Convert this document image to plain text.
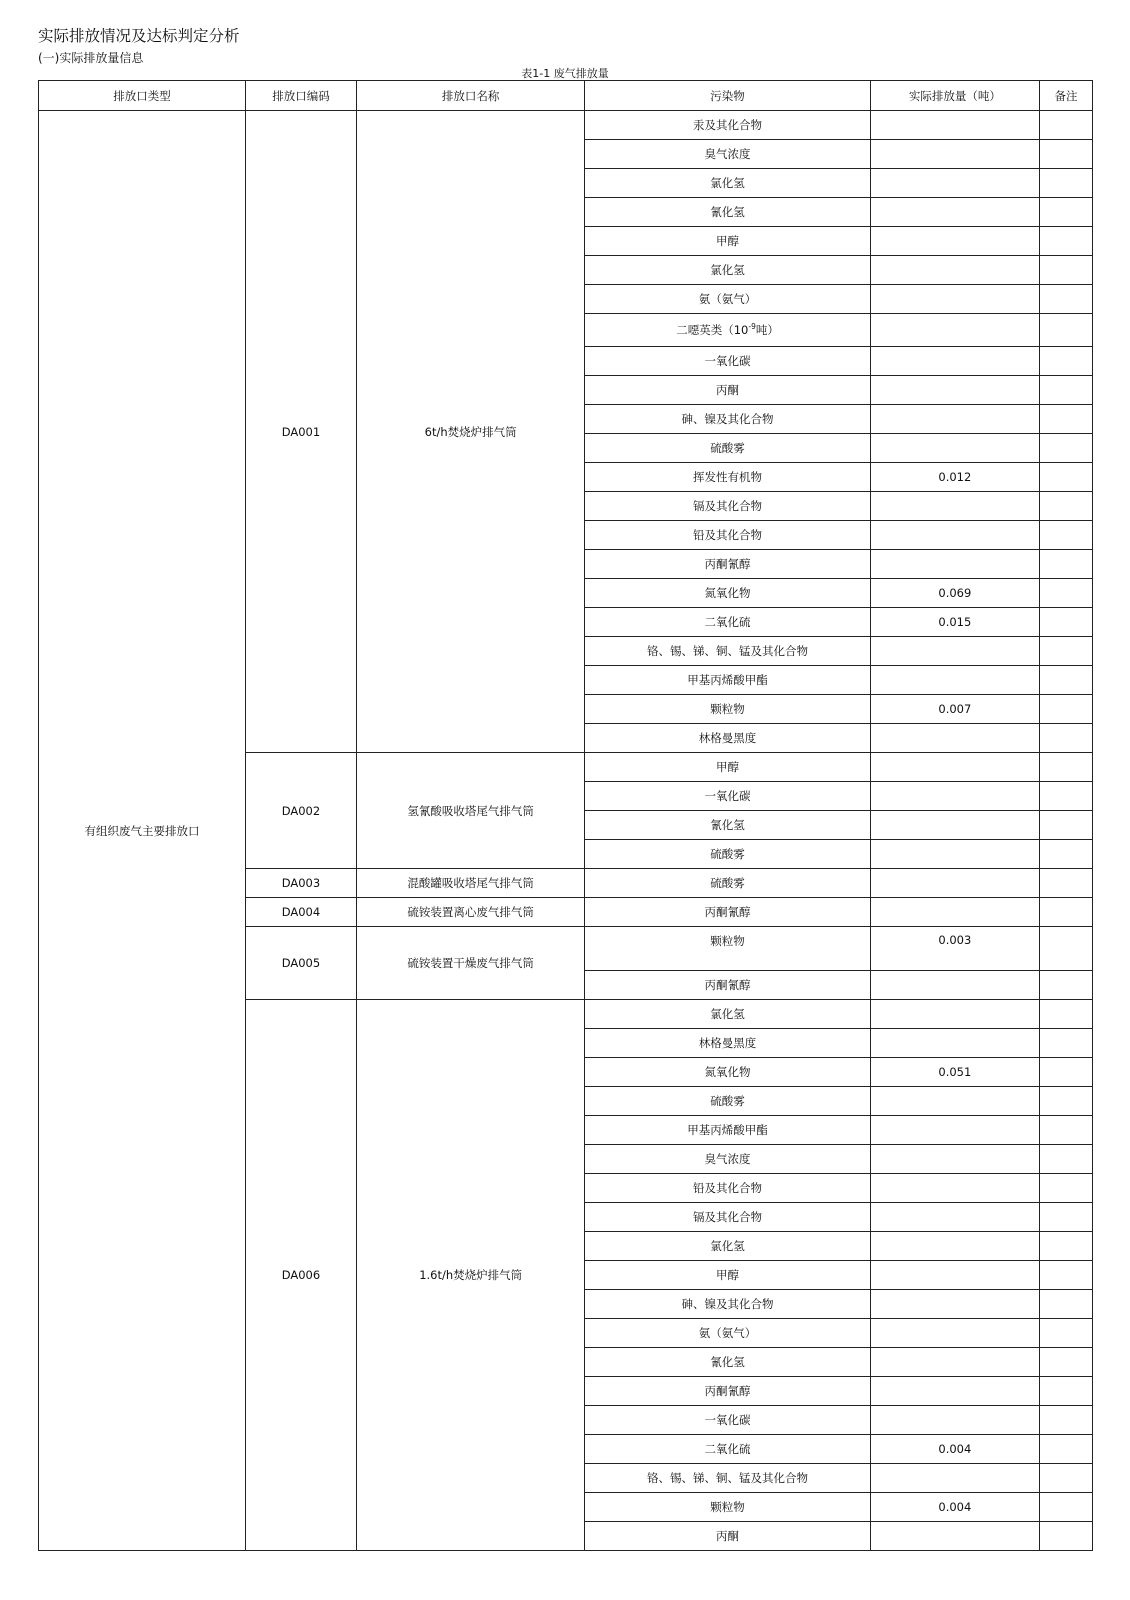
实际排放情况及达标判定分析
(一)实际排放量信息
表1-1 废气排放量
排放口类型	排放口编码	排放口名称	污染物	实际排放量（吨）	备注
有组织废气主要排放口	DA001	6t/h焚烧炉排气筒	汞及其化合物		
			臭气浓度		
			氯化氢		
			氰化氢		
			甲醇		
			氯化氢		
			氨（氨气）		
			二噁英类（$10^{-9}$吨）		
			一氧化碳		
			丙酮		
			砷、镍及其化合物		
			硫酸雾		
			挥发性有机物	0.012	
			镉及其化合物		
			铅及其化合物		
			丙酮氰醇		
			氮氧化物	0.069	
			二氧化硫	0.015	
			铬、锡、锑、铜、锰及其化合物		
			甲基丙烯酸甲酯		
			颗粒物	0.007	
			林格曼黑度		
	DA002	氢氰酸吸收塔尾气排气筒	甲醇		
			一氧化碳		
			氰化氢		
			硫酸雾		
	DA003	混酸罐吸收塔尾气排气筒	硫酸雾		
	DA004	硫铵装置离心废气排气筒	丙酮氰醇		
	DA005	硫铵装置干燥废气排气筒	颗粒物	0.003	
			丙酮氰醇		
	DA006	1.6t/h焚烧炉排气筒	氯化氢		
			林格曼黑度		
			氮氧化物	0.051	
			硫酸雾		
			甲基丙烯酸甲酯		
			臭气浓度		
			铅及其化合物		
			镉及其化合物		
			氯化氢		
			甲醇		
			砷、镍及其化合物		
			氨（氨气）		
			氰化氢		
			丙酮氰醇		
			一氧化碳		
			二氧化硫	0.004	
			铬、锡、锑、铜、锰及其化合物		
			颗粒物	0.004	
			丙酮		
